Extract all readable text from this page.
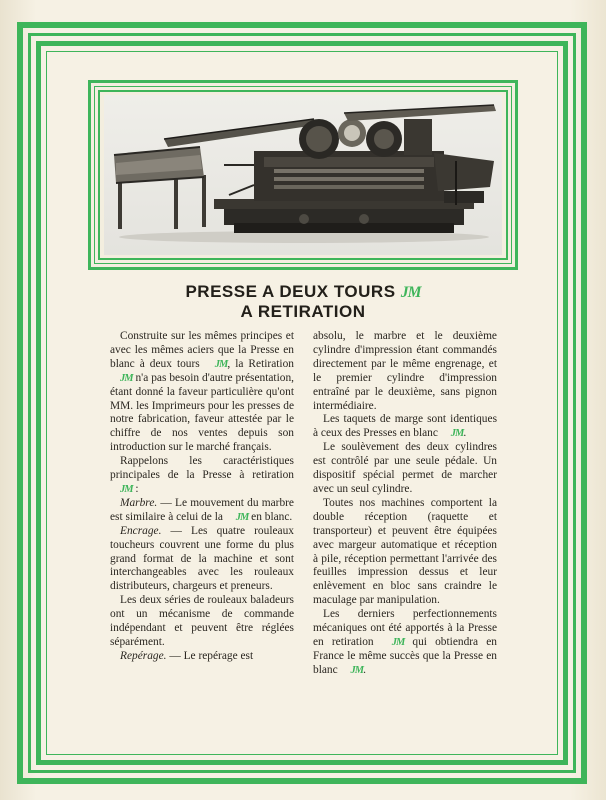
PRESSE A DEUX TOURS JM
A RETIRATION

Construite sur les mêmes principes et avec les mêmes aciers que la Presse en blanc à deux tours JM, la Retiration JM n'a pas besoin d'autre présentation, étant donné la faveur particulière qu'ont MM. les Imprimeurs pour les presses de notre fabrication, faveur attestée par le chiffre de nos ventes depuis son introduction sur le marché français.

Rappelons les caractéristiques principales de la Presse à retiration JM :

Marbre. — Le mouvement du marbre est similaire à celui de la JM en blanc.

Encrage. — Les quatre rouleaux toucheurs couvrent une forme du plus grand format de la machine et sont interchangeables avec les rouleaux distributeurs, chargeurs et preneurs.

Les deux séries de rouleaux baladeurs ont un mécanisme de commande indépendant et peuvent être réglées séparément.

Repérage. — Le repérage est

absolu, le marbre et le deuxième cylindre d'impression étant commandés directement par le même engrenage, et le premier cylindre d'impression entraîné par le deuxième, sans pignon intermédiaire.

Les taquets de marge sont identiques à ceux des Presses en blanc JM.

Le soulèvement des deux cylindres est contrôlé par une seule pédale. Un dispositif spécial permet de marcher avec un seul cylindre.

Toutes nos machines comportent la double réception (raquette et transporteur) et peuvent être équipées avec margeur automatique et réception à pile, réception permettant l'arrivée des feuilles impression dessus et leur enlèvement en bloc sans craindre le maculage par manipulation.

Les derniers perfectionnements mécaniques ont été apportés à la Presse en retiration JM qui obtiendra en France le même succès que la Presse en blanc JM.
